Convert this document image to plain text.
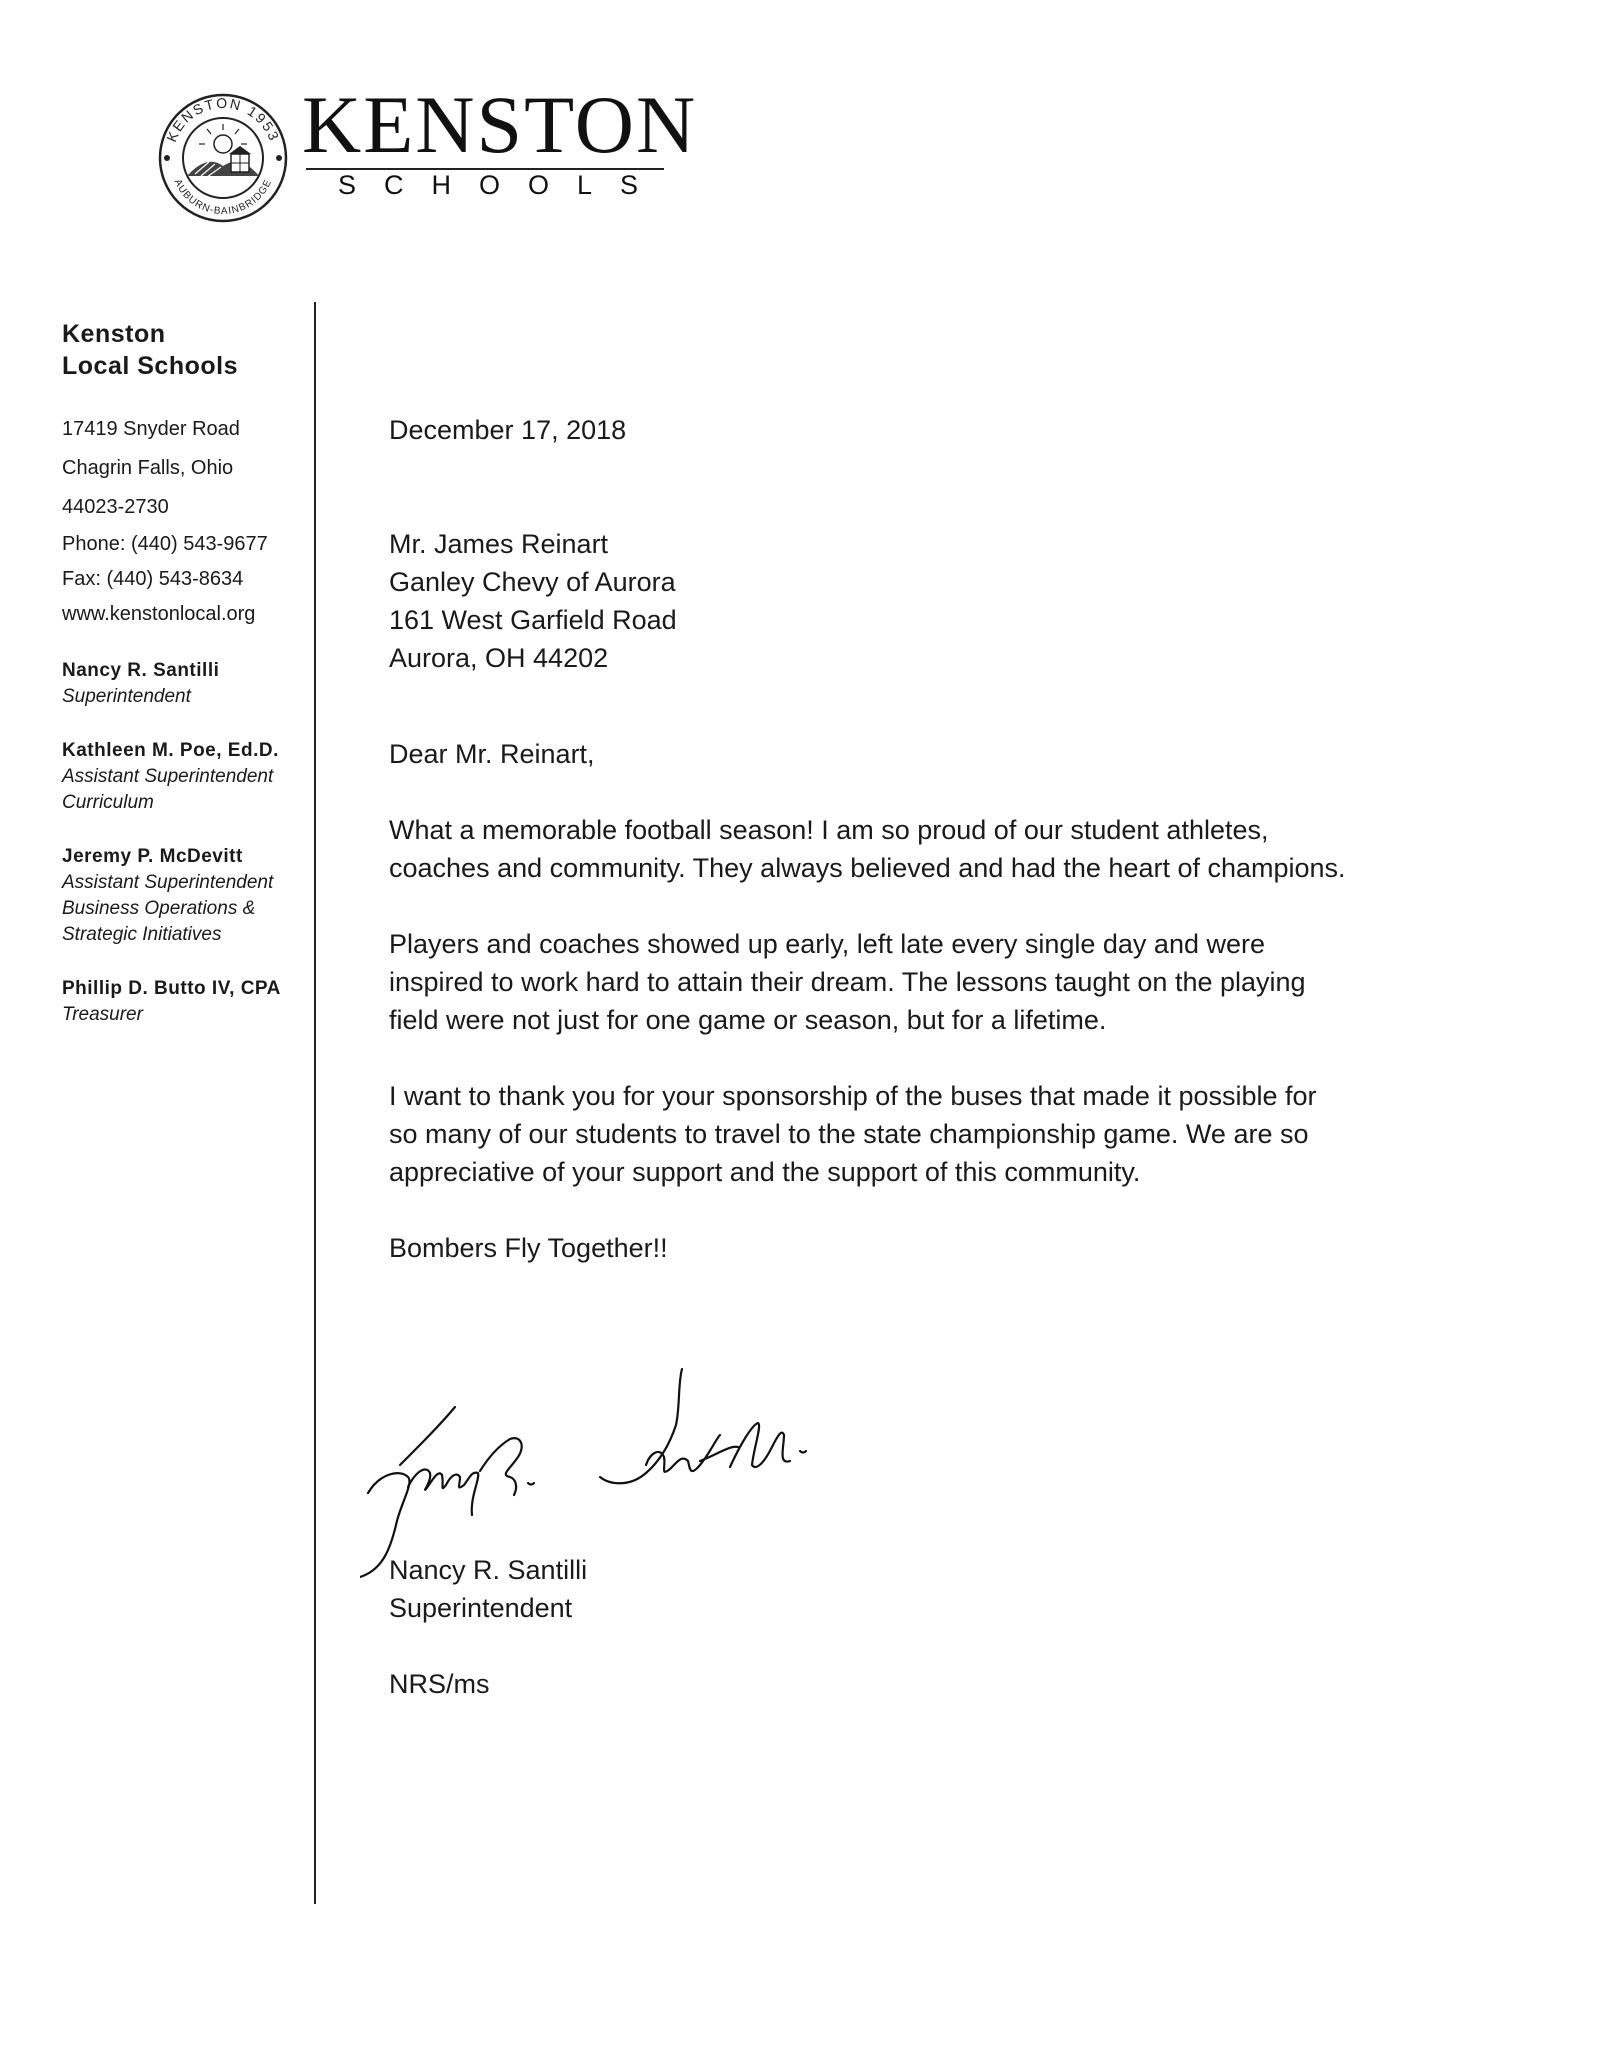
KENSTON 1953
AUBURN-BAINBRIDGE
KENSTON
SCHOOLS
Kenston
Local Schools
17419 Snyder Road
Chagrin Falls, Ohio
44023-2730
Phone: (440) 543-9677
Fax: (440) 543-8634
www.kenstonlocal.org
Nancy R. Santilli
Superintendent
Kathleen M. Poe, Ed.D.
Assistant Superintendent
Curriculum
Jeremy P. McDevitt
Assistant Superintendent
Business Operations &
Strategic Initiatives
Phillip D. Butto IV, CPA
Treasurer

December 17, 2018

Mr. James Reinart
Ganley Chevy of Aurora
161 West Garfield Road
Aurora, OH 44202

Dear Mr. Reinart,

What a memorable football season! I am so proud of our student athletes, coaches and community. They always believed and had the heart of champions.

Players and coaches showed up early, left late every single day and were inspired to work hard to attain their dream. The lessons taught on the playing field were not just for one game or season, but for a lifetime.

I want to thank you for your sponsorship of the buses that made it possible for so many of our students to travel to the state championship game. We are so appreciative of your support and the support of this community.

Bombers Fly Together!!

Nancy R. Santilli
Superintendent
NRS/ms
